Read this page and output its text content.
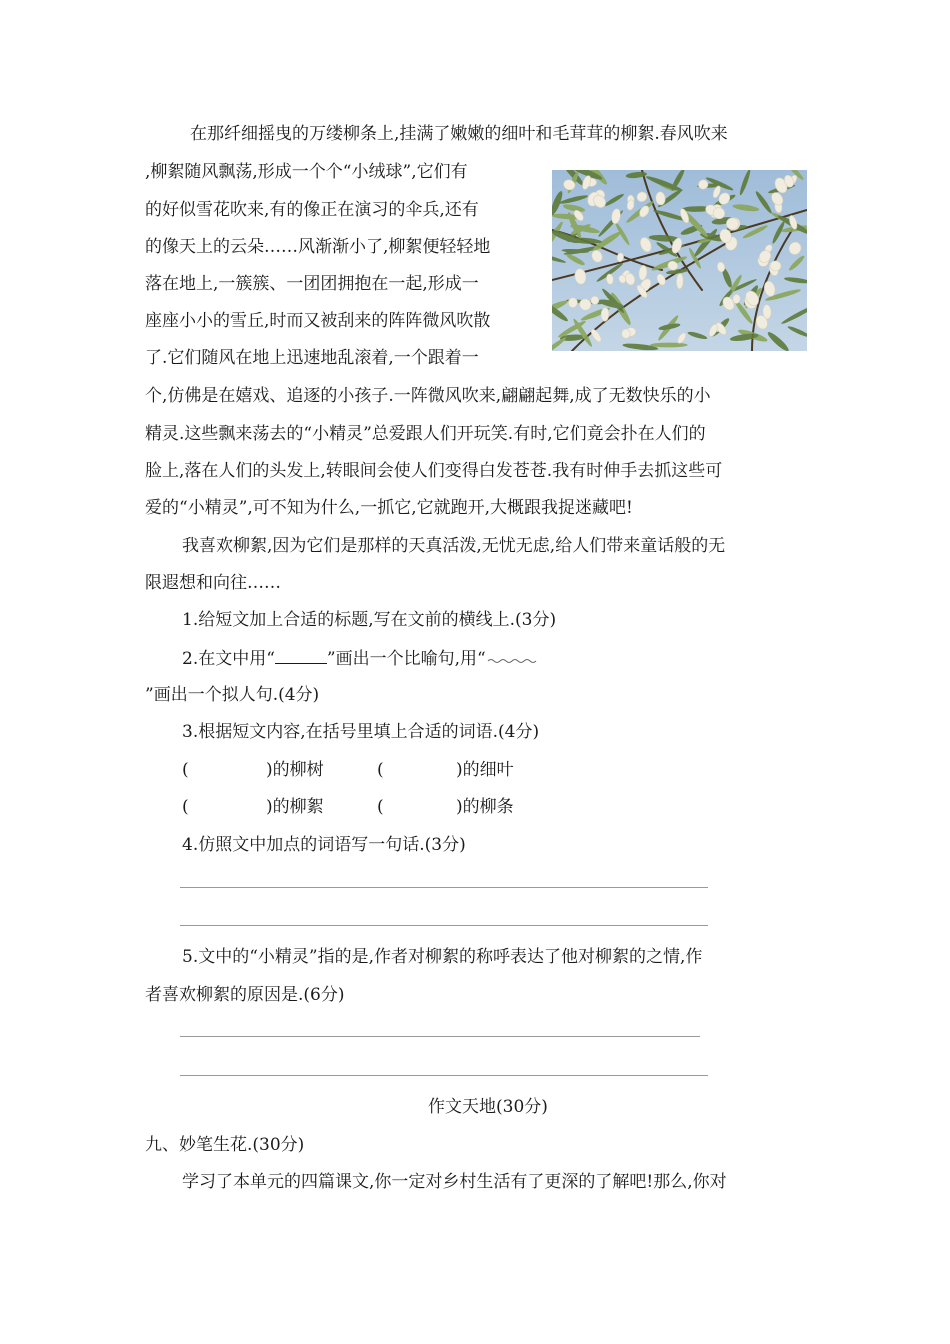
在那纤细摇曳的万缕柳条上,挂满了嫩嫩的细叶和毛茸茸的柳絮.春风吹来
,柳絮随风飘荡,形成一个个“小绒球”,它们有
的好似雪花吹来,有的像正在演习的伞兵,还有
的像天上的云朵……风渐渐小了,柳絮便轻轻地
落在地上,一簇簇、一团团拥抱在一起,形成一
座座小小的雪丘,时而又被刮来的阵阵微风吹散
了.它们随风在地上迅速地乱滚着,一个跟着一
个,仿佛是在嬉戏、追逐的小孩子.一阵微风吹来,翩翩起舞,成了无数快乐的小
精灵.这些飘来荡去的“小精灵”总爱跟人们开玩笑.有时,它们竟会扑在人们的
脸上,落在人们的头发上,转眼间会使人们变得白发苍苍.我有时伸手去抓这些可
爱的“小精灵”,可不知为什么,一抓它,它就跑开,大概跟我捉迷藏吧!
我喜欢柳絮,因为它们是那样的天真活泼,无忧无虑,给人们带来童话般的无
限遐想和向往……
1.给短文加上合适的标题,写在文前的横线上.(3分)
2.在文中用“	”画出一个比喻句,用“
”画出一个拟人句.(4分)
3.根据短文内容,在括号里填上合适的词语.(4分)
(	)的柳树	(	)的细叶
(	)的柳絮	(	)的柳条
4.仿照文中加点的词语写一句话.(3分)
5.文中的“小精灵”指的是,作者对柳絮的称呼表达了他对柳絮的之情,作
者喜欢柳絮的原因是.(6分)
作文天地(30分)
九、妙笔生花.(30分)
学习了本单元的四篇课文,你一定对乡村生活有了更深的了解吧!那么,你对
